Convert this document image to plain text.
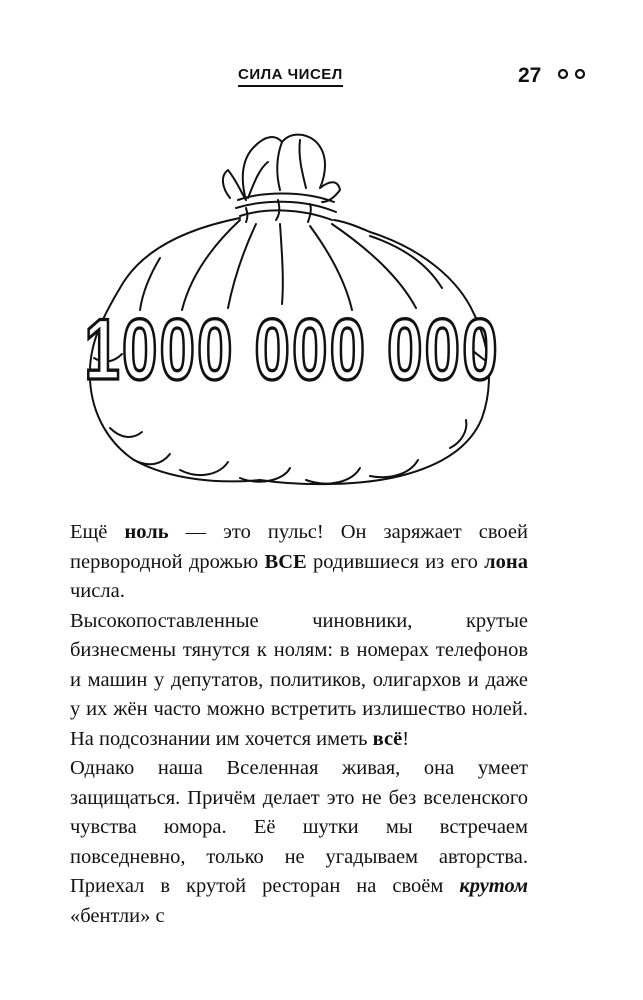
СИЛА ЧИСЕЛ	27
1000 000 000

Ещё ноль — это пульс! Он заряжает своей первородной дрожью ВСЕ родившиеся из его лона числа.

Высокопоставленные чиновники, крутые бизнесмены тянутся к нолям: в номерах телефонов и машин у депутатов, политиков, олигархов и даже у их жён часто можно встретить излишество нолей. На подсознании им хочется иметь всё!

Однако наша Вселенная живая, она умеет защищаться. Причём делает это не без вселенского чувства юмора. Её шутки мы встречаем повседневно, только не угадываем авторства. Приехал в крутой ресторан на своём крутом «бентли» с
